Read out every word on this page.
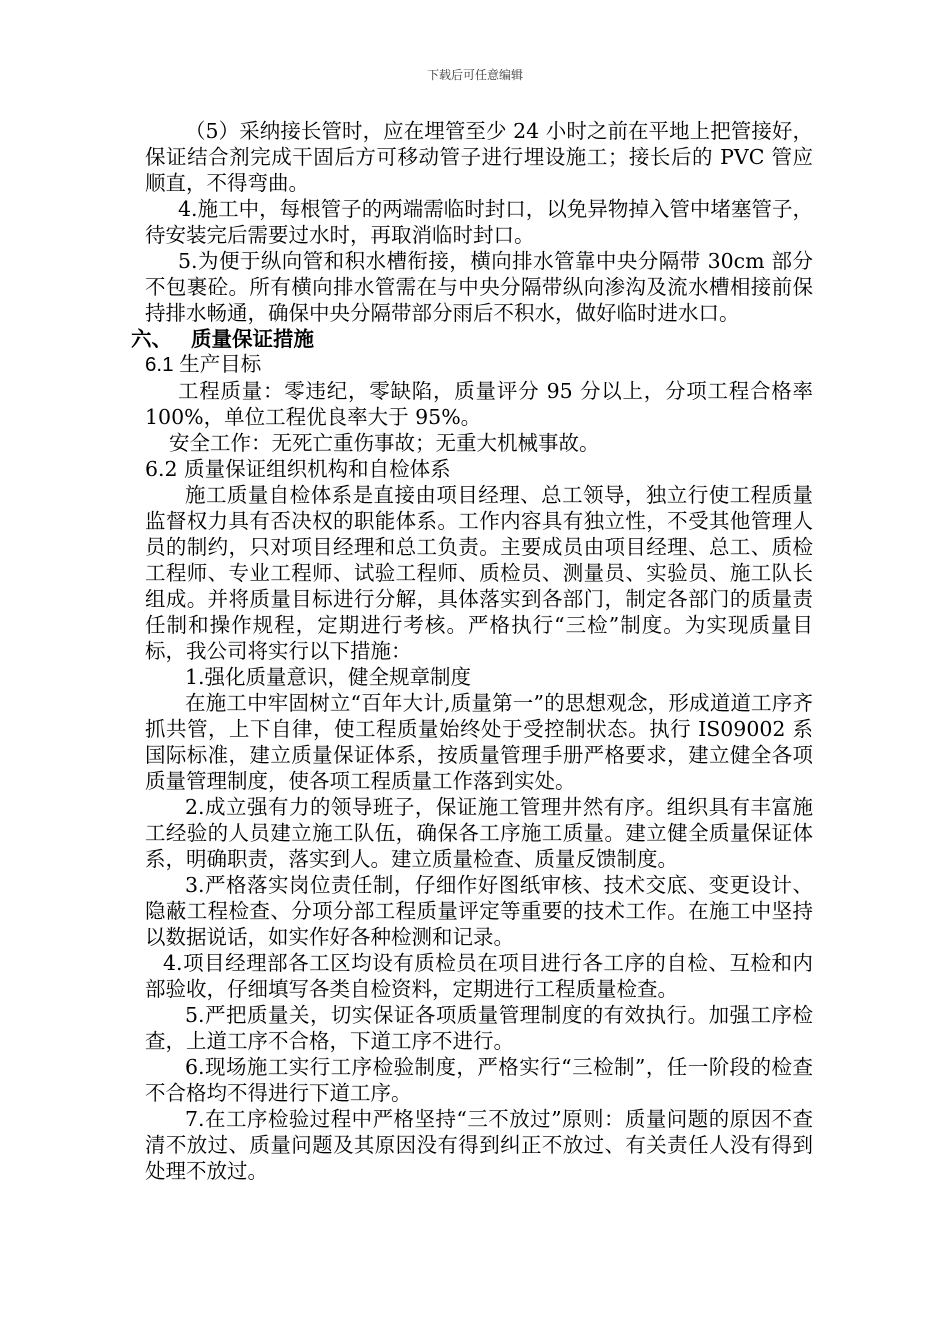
下载后可任意编辑

（5）采纳接长管时，应在埋管至少 24 小时之前在平地上把管接好，保证结合剂完成干固后方可移动管子进行埋设施工；接长后的 PVC 管应顺直，不得弯曲。

4.施工中，每根管子的两端需临时封口，以免异物掉入管中堵塞管子，待安装完后需要过水时，再取消临时封口。

5.为便于纵向管和积水槽衔接，横向排水管靠中央分隔带 30cm 部分不包裹砼。所有横向排水管需在与中央分隔带纵向渗沟及流水槽相接前保持排水畅通，确保中央分隔带部分雨后不积水，做好临时进水口。

六、 质量保证措施

6.1 生产目标

工程质量：零违纪，零缺陷，质量评分 95 分以上，分项工程合格率 100%，单位工程优良率大于 95%。

安全工作：无死亡重伤事故；无重大机械事故。

6.2 质量保证组织机构和自检体系

施工质量自检体系是直接由项目经理、总工领导，独立行使工程质量监督权力具有否决权的职能体系。工作内容具有独立性，不受其他管理人员的制约，只对项目经理和总工负责。主要成员由项目经理、总工、质检工程师、专业工程师、试验工程师、质检员、测量员、实验员、施工队长组成。并将质量目标进行分解，具体落实到各部门，制定各部门的质量责任制和操作规程，定期进行考核。严格执行“三检”制度。为实现质量目标，我公司将实行以下措施：

1.强化质量意识，健全规章制度

在施工中牢固树立“百年大计,质量第一”的思想观念，形成道道工序齐抓共管，上下自律，使工程质量始终处于受控制状态。执行 IS09002 系国际标准，建立质量保证体系，按质量管理手册严格要求，建立健全各项质量管理制度，使各项工程质量工作落到实处。

2.成立强有力的领导班子，保证施工管理井然有序。组织具有丰富施工经验的人员建立施工队伍，确保各工序施工质量。建立健全质量保证体系，明确职责，落实到人。建立质量检查、质量反馈制度。

3.严格落实岗位责任制，仔细作好图纸审核、技术交底、变更设计、隐蔽工程检查、分项分部工程质量评定等重要的技术工作。在施工中坚持以数据说话，如实作好各种检测和记录。

4.项目经理部各工区均设有质检员在项目进行各工序的自检、互检和内部验收，仔细填写各类自检资料，定期进行工程质量检查。

5.严把质量关，切实保证各项质量管理制度的有效执行。加强工序检查，上道工序不合格，下道工序不进行。

6.现场施工实行工序检验制度，严格实行“三检制”，任一阶段的检查不合格均不得进行下道工序。

7.在工序检验过程中严格坚持“三不放过”原则：质量问题的原因不查清不放过、质量问题及其原因没有得到纠正不放过、有关责任人没有得到处理不放过。
